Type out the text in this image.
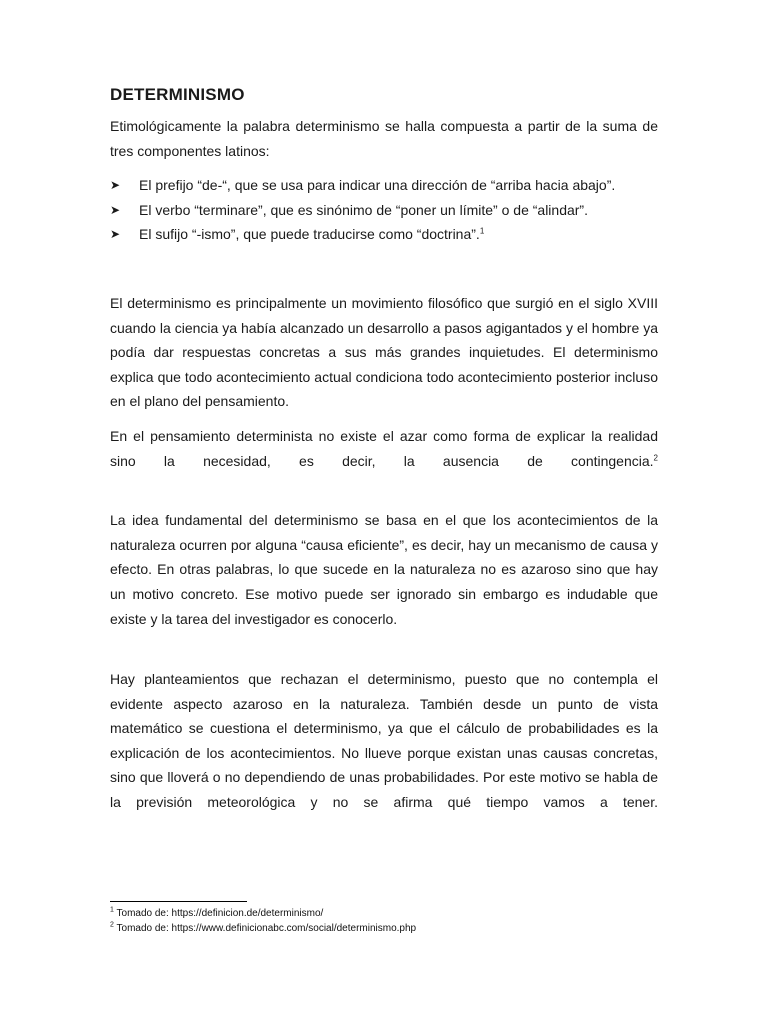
DETERMINISMO

Etimológicamente la palabra determinismo se halla compuesta a partir de la suma de tres componentes latinos:

➤ El prefijo “de-“, que se usa para indicar una dirección de “arriba hacia abajo”.
➤ El verbo “terminare”, que es sinónimo de “poner un límite” o de “alindar”.
➤ El sufijo “-ismo”, que puede traducirse como “doctrina”.$^1$

El determinismo es principalmente un movimiento filosófico que surgió en el siglo XVIII cuando la ciencia ya había alcanzado un desarrollo a pasos agigantados y el hombre ya podía dar respuestas concretas a sus más grandes inquietudes. El determinismo explica que todo acontecimiento actual condiciona todo acontecimiento posterior incluso en el plano del pensamiento.

En el pensamiento determinista no existe el azar como forma de explicar la realidad sino la necesidad, es decir, la ausencia de contingencia.$^2$

La idea fundamental del determinismo se basa en el que los acontecimientos de la naturaleza ocurren por alguna “causa eficiente”, es decir, hay un mecanismo de causa y efecto. En otras palabras, lo que sucede en la naturaleza no es azaroso sino que hay un motivo concreto. Ese motivo puede ser ignorado sin embargo es indudable que existe y la tarea del investigador es conocerlo.

Hay planteamientos que rechazan el determinismo, puesto que no contempla el evidente aspecto azaroso en la naturaleza. También desde un punto de vista matemático se cuestiona el determinismo, ya que el cálculo de probabilidades es la explicación de los acontecimientos. No llueve porque existan unas causas concretas, sino que lloverá o no dependiendo de unas probabilidades. Por este motivo se habla de la previsión meteorológica y no se afirma qué tiempo vamos a tener.

$^1$ Tomado de: https://definicion.de/determinismo/
$^2$ Tomado de: https://www.definicionabc.com/social/determinismo.php
